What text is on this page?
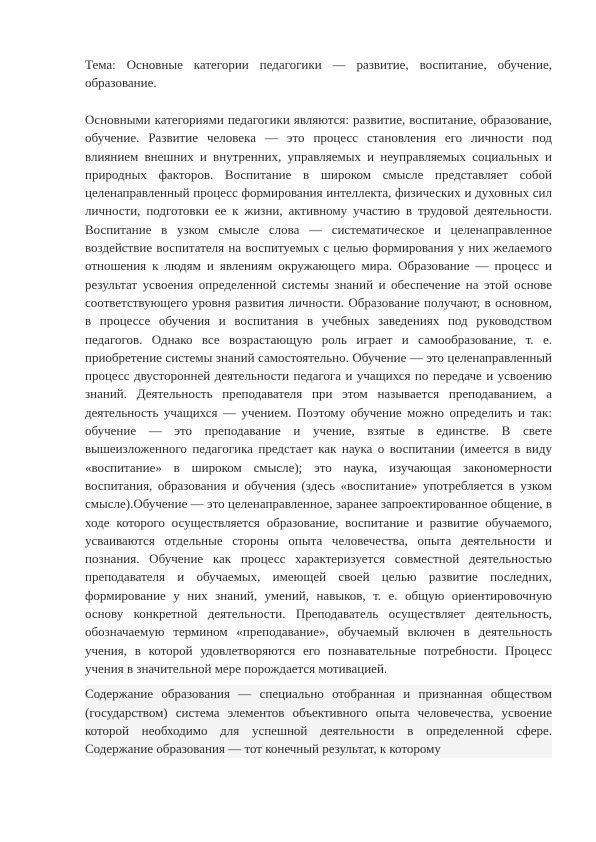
Тема: Основные категории педагогики — развитие, воспитание, обучение, образование.

Основными категориями педагогики являются: развитие, воспитание, образование, обучение. Развитие человека — это процесс становления его личности под влиянием внешних и внутренних, управляемых и неуправляемых социальных и природных факторов. Воспитание в широком смысле представляет собой целенаправленный процесс формирования интеллекта, физических и духовных сил личности, подготовки ее к жизни, активному участию в трудовой деятельности. Воспитание в узком смысле слова — систематическое и целенаправленное воздействие воспитателя на воспитуемых с целью формирования у них желаемого отношения к людям и явлениям окружающего мира. Образование — процесс и результат усвоения определенной системы знаний и обеспечение на этой основе соответствующего уровня развития личности. Образование получают, в основном, в процессе обучения и воспитания в учебных заведениях под руководством педагогов. Однако все возрастающую роль играет и самообразование, т. е. приобретение системы знаний самостоятельно. Обучение — это целенаправленный процесс двусторонней деятельности педагога и учащихся по передаче и усвоению знаний. Деятельность преподавателя при этом называется преподаванием, а деятельность учащихся — учением. Поэтому обучение можно определить и так: обучение — это преподавание и учение, взятые в единстве. В свете вышеизложенного педагогика предстает как наука о воспитании (имеется в виду «воспитание» в широком смысле); это наука, изучающая закономерности воспитания, образования и обучения (здесь «воспитание» употребляется в узком смысле).Обучение — это целенаправленное, заранее запроектированное общение, в ходе которого осуществляется образование, воспитание и развитие обучаемого, усваиваются отдельные стороны опыта человечества, опыта деятельности и познания. Обучение как процесс характеризуется совместной деятельностью преподавателя и обучаемых, имеющей своей целью развитие последних, формирование у них знаний, умений, навыков, т. е. общую ориентировочную основу конкретной деятельности. Преподаватель осуществляет деятельность, обозначаемую термином «преподавание», обучаемый включен в деятельность учения, в которой удовлетворяются его познавательные потребности. Процесс учения в значительной мере порождается мотивацией.

Содержание образования — специально отобранная и признанная обществом (государством) система элементов объективного опыта человечества, усвоение которой необходимо для успешной деятельности в определенной сфере. Содержание образования — тот конечный результат, к которому
